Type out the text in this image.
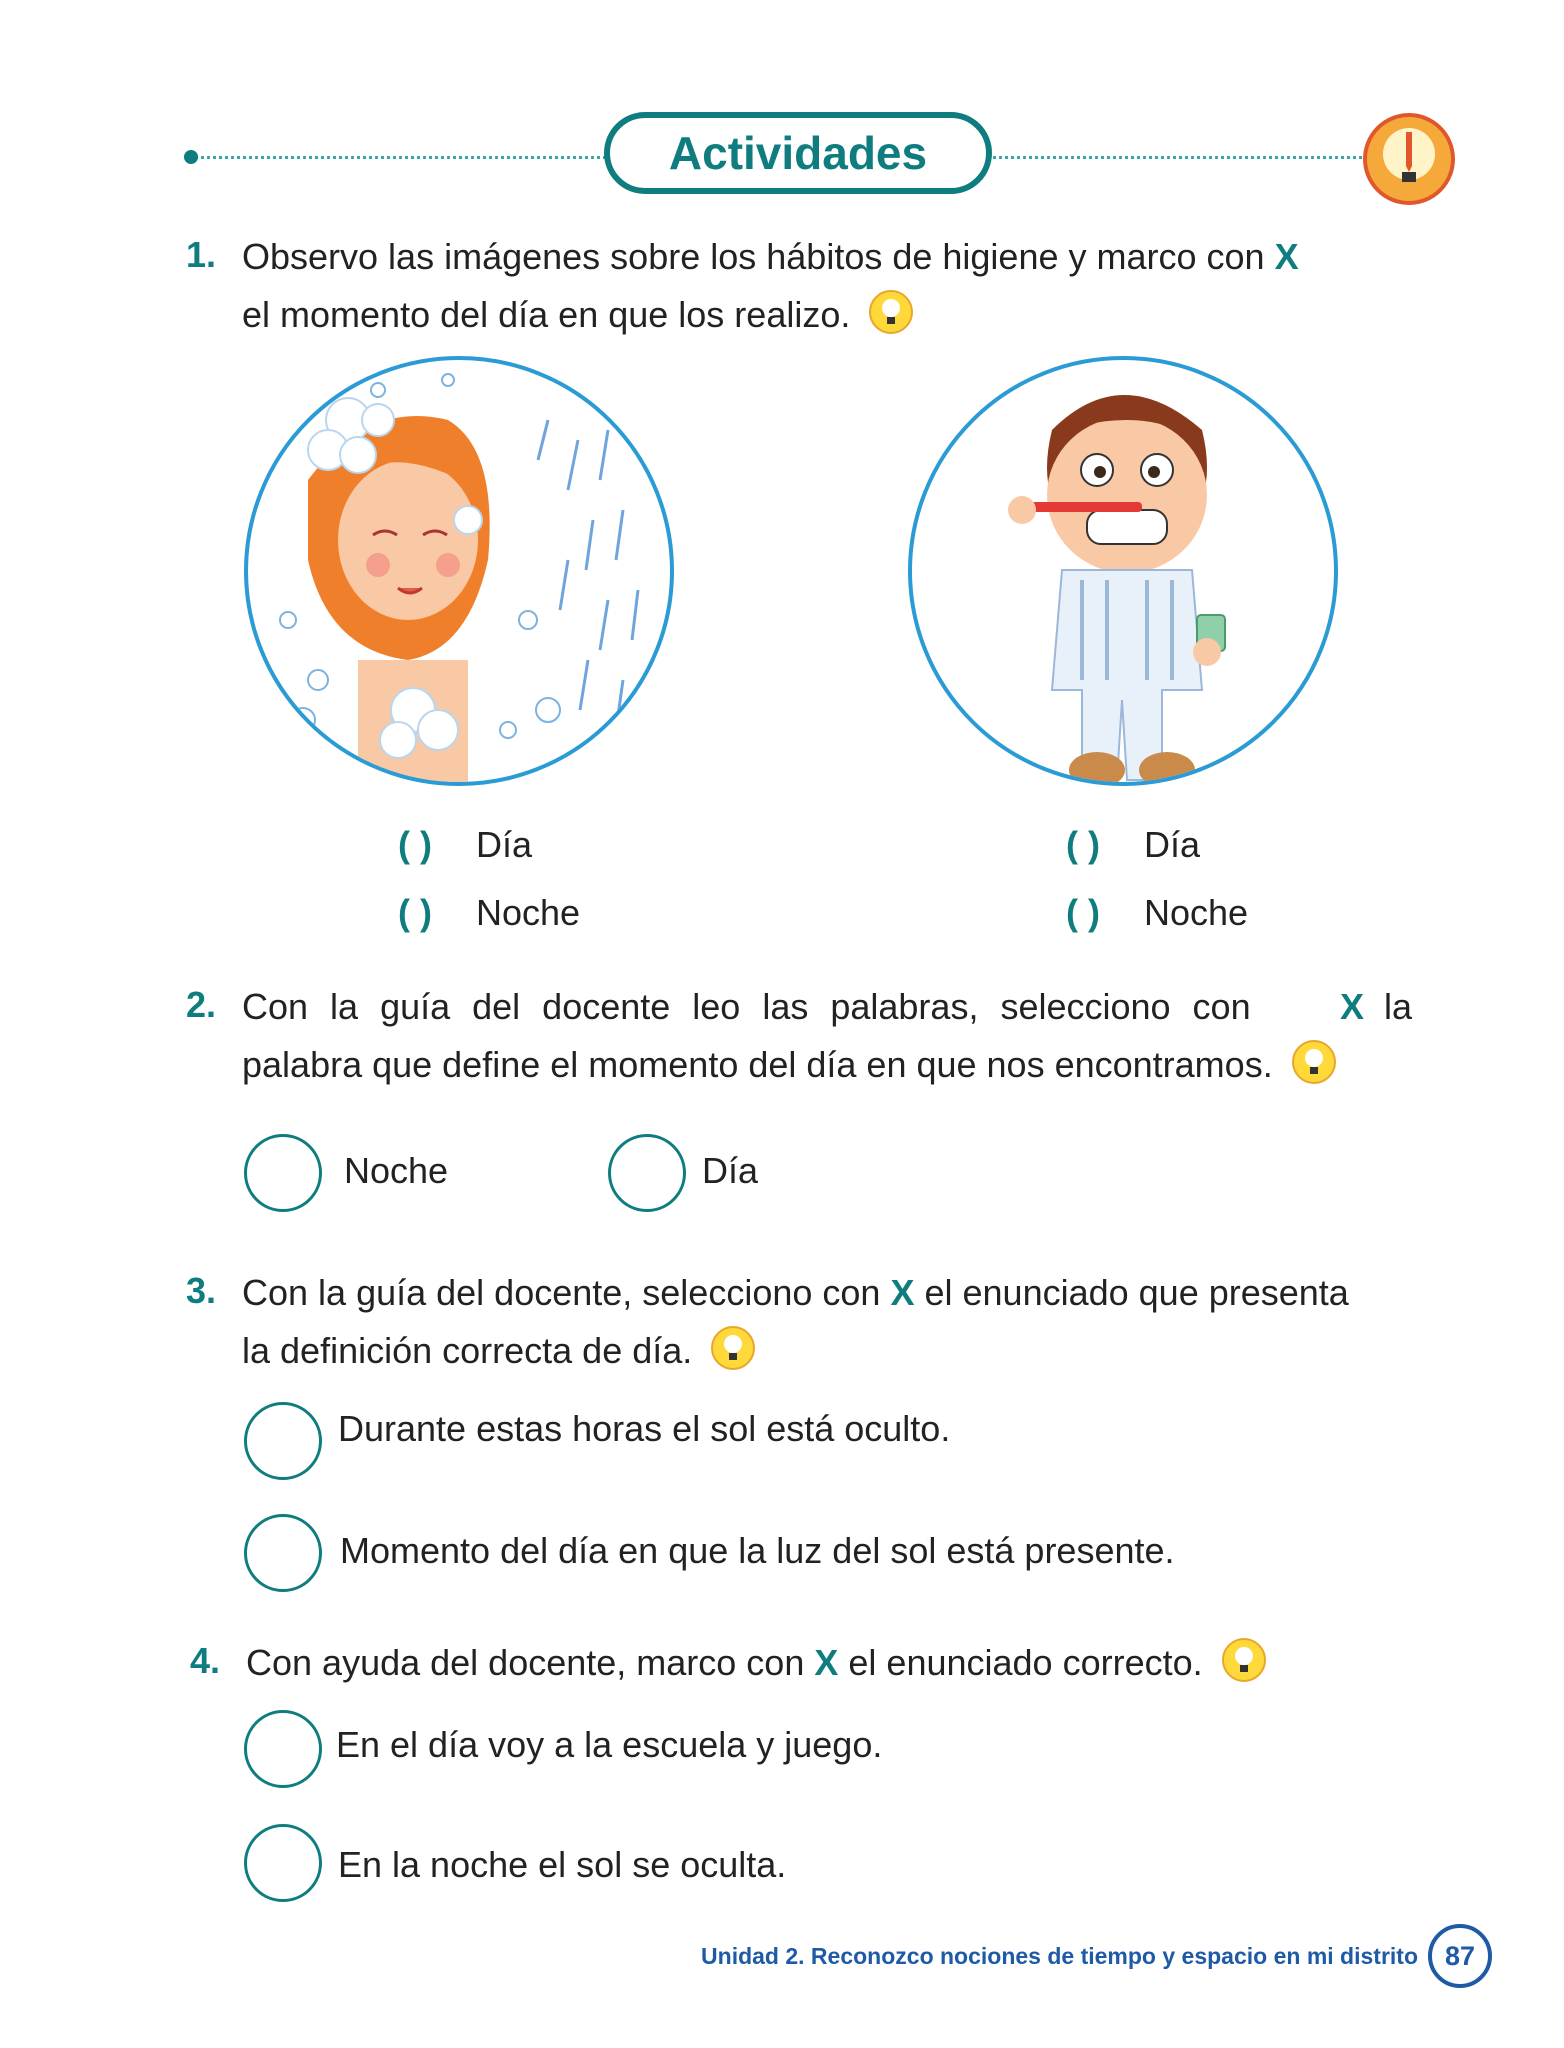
Actividades
1. Observo las imágenes sobre los hábitos de higiene y marco con X
el momento del día en que los realizo.
( ) Día
( ) Noche
( ) Día
( ) Noche
2. Con la guía del docente leo las palabras, selecciono con X la
palabra que define el momento del día en que nos encontramos.
Noche	Día
3. Con la guía del docente, selecciono con X el enunciado que presenta
la definición correcta de día.
Durante estas horas el sol está oculto.
Momento del día en que la luz del sol está presente.
4. Con ayuda del docente, marco con X el enunciado correcto.
En el día voy a la escuela y juego.
En la noche el sol se oculta.
Unidad 2. Reconozco nociones de tiempo y espacio en mi distrito 87
